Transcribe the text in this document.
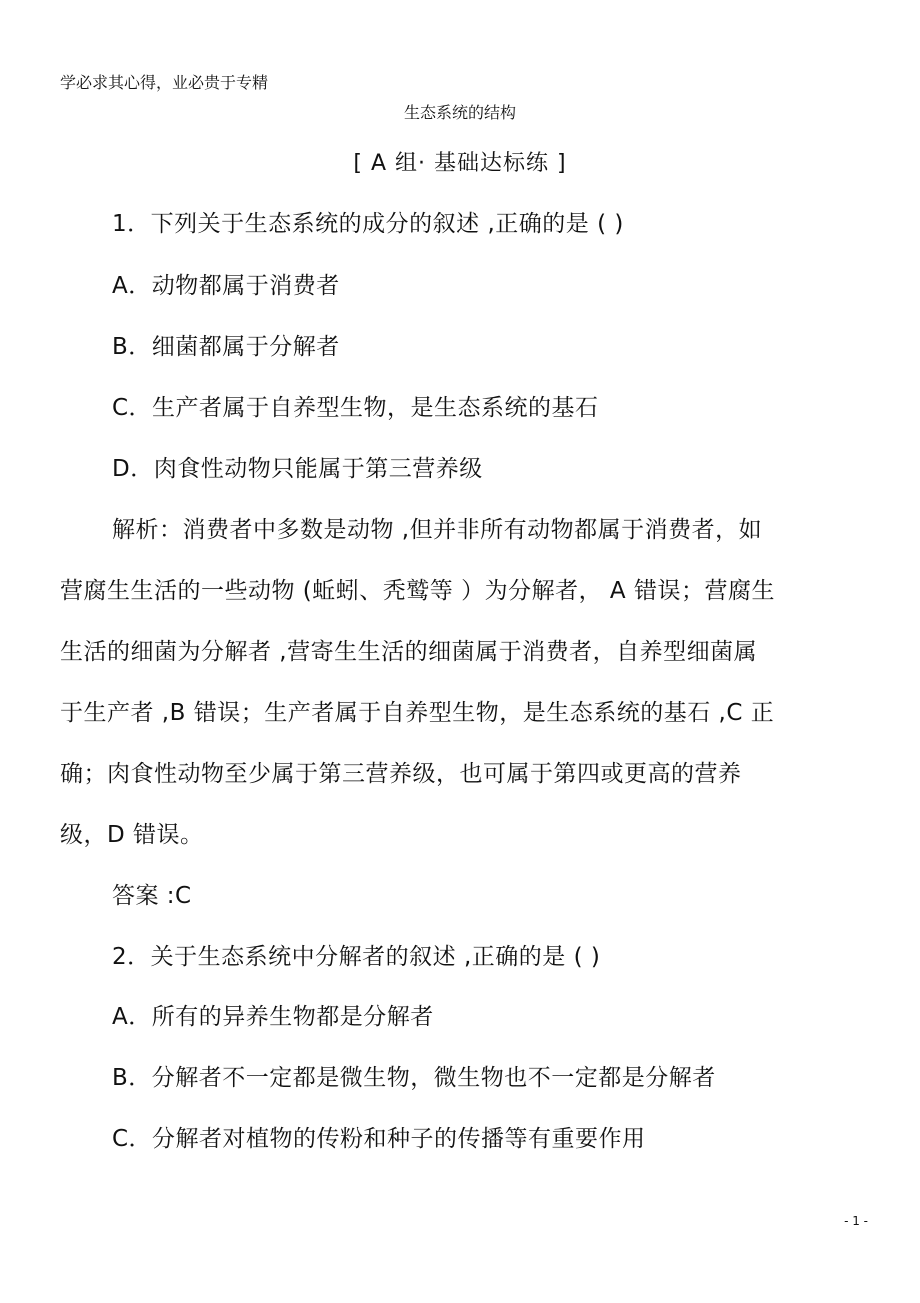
学必求其心得，业必贵于专精
生态系统的结构
[ A 组· 基础达标练 ]
1．下列关于生态系统的成分的叙述 ,正确的是 ( )
A．动物都属于消费者
B．细菌都属于分解者
C．生产者属于自养型生物，是生态系统的基石
D．肉食性动物只能属于第三营养级
解析：消费者中多数是动物 ,但并非所有动物都属于消费者，如
营腐生生活的一些动物 (蚯蚓、秃鹫等 ）为分解者， A 错误；营腐生
生活的细菌为分解者 ,营寄生生活的细菌属于消费者，自养型细菌属
于生产者 ,B 错误；生产者属于自养型生物，是生态系统的基石 ,C 正
确；肉食性动物至少属于第三营养级，也可属于第四或更高的营养
级，D 错误。
答案 :C
2．关于生态系统中分解者的叙述 ,正确的是 ( )
A．所有的异养生物都是分解者
B．分解者不一定都是微生物，微生物也不一定都是分解者
C．分解者对植物的传粉和种子的传播等有重要作用
- 1 -
